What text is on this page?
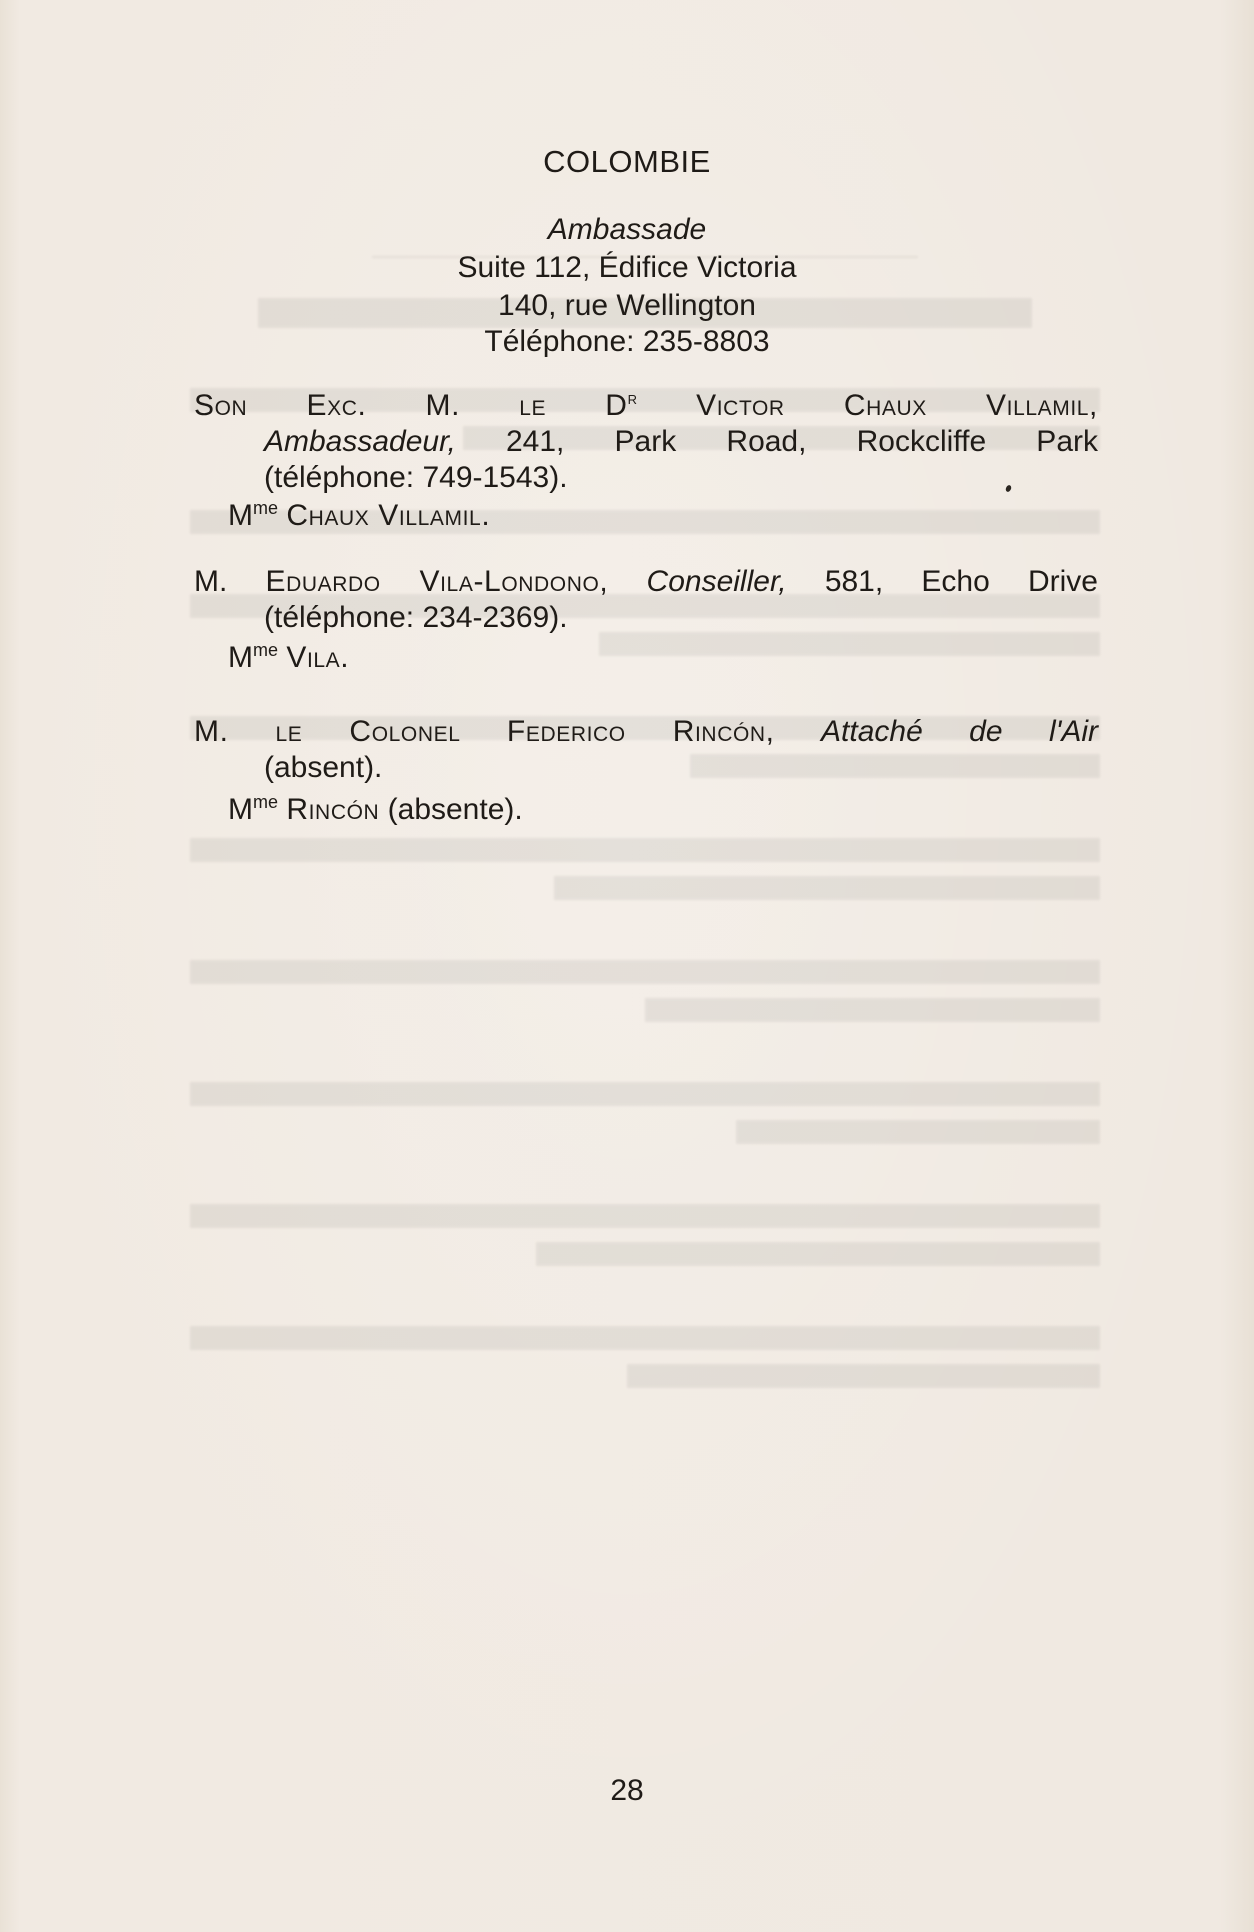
COLOMBIE
Ambassade
Suite 112, Édifice Victoria
140, rue Wellington
Téléphone: 235-8803
Son Exc. M. le $D^r$ Victor Chaux Villamil,
Ambassadeur, 241, Park Road, Rockcliffe Park
(téléphone: 749-1543).
$M^{me}$ Chaux Villamil.
M. Eduardo Vila-Londono, Conseiller, 581, Echo Drive
(téléphone: 234-2369).
$M^{me}$ Vila.
M. le Colonel Federico Rincón, Attaché de l'Air
(absent).
$M^{me}$ Rincón (absente).
28
